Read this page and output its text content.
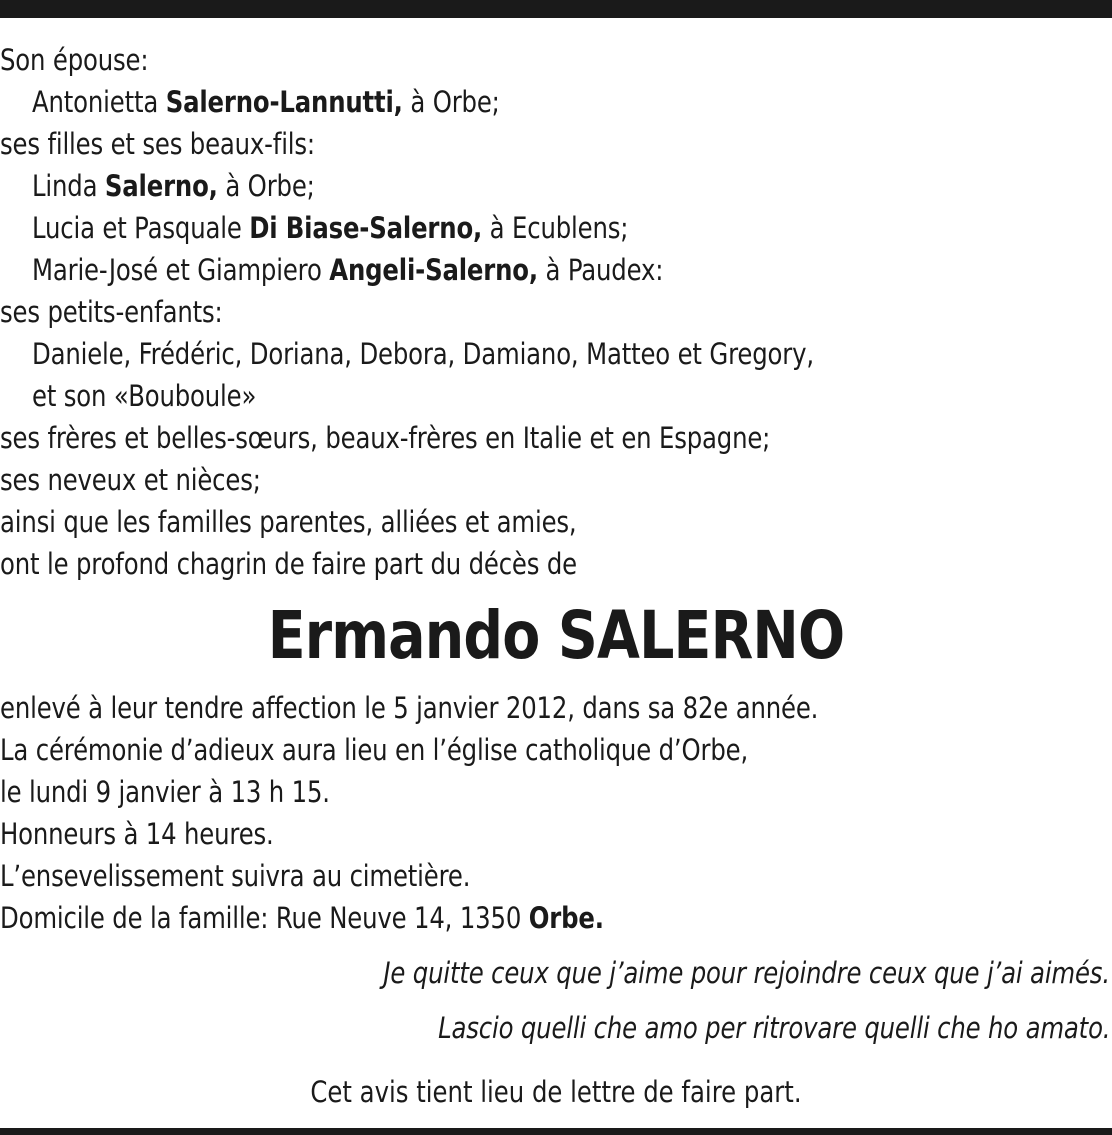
Son épouse:
Antonietta Salerno-Lannutti, à Orbe;
ses filles et ses beaux-fils:
Linda Salerno, à Orbe;
Lucia et Pasquale Di Biase-Salerno, à Ecublens;
Marie-José et Giampiero Angeli-Salerno, à Paudex:
ses petits-enfants:
Daniele, Frédéric, Doriana, Debora, Damiano, Matteo et Gregory,
et son «Bouboule»
ses frères et belles-sœurs, beaux-frères en Italie et en Espagne;
ses neveux et nièces;
ainsi que les familles parentes, alliées et amies,
ont le profond chagrin de faire part du décès de
Ermando SALERNO
enlevé à leur tendre affection le 5 janvier 2012, dans sa 82e année.
La cérémonie d’adieux aura lieu en l’église catholique d’Orbe,
le lundi 9 janvier à 13 h 15.
Honneurs à 14 heures.
L’ensevelissement suivra au cimetière.
Domicile de la famille: Rue Neuve 14, 1350 Orbe.
Je quitte ceux que j’aime pour rejoindre ceux que j’ai aimés.
Lascio quelli che amo per ritrovare quelli che ho amato.
Cet avis tient lieu de lettre de faire part.
